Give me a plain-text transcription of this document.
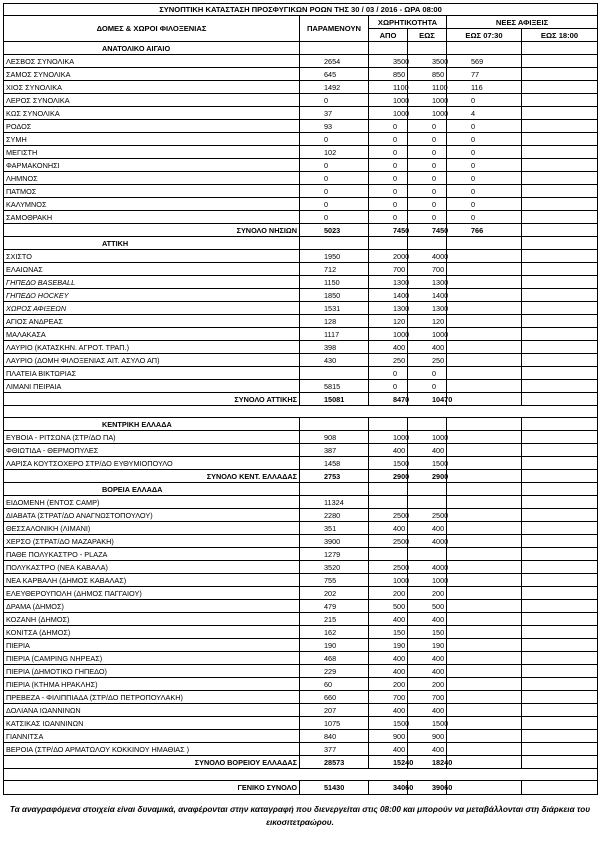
ΣΥΝΟΠΤΙΚΗ ΚΑΤΑΣΤΑΣΗ ΠΡΟΣΦΥΓΙΚΩΝ ΡΟΩΝ ΤΗΣ 30 / 03 / 2016 - ΩΡΑ 08:00					
ΔΟΜΕΣ & ΧΩΡΟΙ ΦΙΛΟΞΕΝΙΑΣ	ΠΑΡΑΜΕΝΟΥΝ	ΧΩΡΗΤΙΚΟΤΗΤΑ		ΝΕΕΣ ΑΦΙΞΕΙΣ	
		ΑΠΟ	ΕΩΣ	ΕΩΣ 07:30	ΕΩΣ 18:00
ΑΝΑΤΟΛΙΚΟ ΑΙΓΑΙΟ					
ΛΕΣΒΟΣ ΣΥΝΟΛΙΚΑ	2654	3500	3500	569	
ΣΑΜΟΣ ΣΥΝΟΛΙΚΑ	645	850	850	77	
ΧΙΟΣ ΣΥΝΟΛΙΚΑ	1492	1100	1100	116	
ΛΕΡΟΣ ΣΥΝΟΛΙΚΑ	0	1000	1000	0	
ΚΩΣ ΣΥΝΟΛΙΚΑ	37	1000	1000	4	
ΡΟΔΟΣ	93	0	0	0	
ΣΥΜΗ	0	0	0	0	
ΜΕΓΙΣΤΗ	102	0	0	0	
ΦΑΡΜΑΚΟΝΗΣΙ	0	0	0	0	
ΛΗΜΝΟΣ	0	0	0	0	
ΠΑΤΜΟΣ	0	0	0	0	
ΚΑΛΥΜΝΟΣ	0	0	0	0	
ΣΑΜΟΘΡΑΚΗ	0	0	0	0	
ΣΥΝΟΛΟ ΝΗΣΙΩΝ	5023	7450	7450	766	
ΑΤΤΙΚΗ					
ΣΧΙΣΤΟ	1950	2000	4000		
ΕΛΑΙΩΝΑΣ	712	700	700		
ΓΗΠΕΔΟ BASEBALL	1150	1300	1300		
ΓΗΠΕΔΟ HOCKEY	1850	1400	1400		
ΧΩΡΟΣ ΑΦΙΞΕΩΝ	1531	1300	1300		
ΑΓΙΟΣ ΑΝΔΡΕΑΣ	128	120	120		
ΜΑΛΑΚΑΣΑ	1117	1000	1000		
ΛΑΥΡΙΟ (ΚΑΤΑΣΚΗΝ. ΑΓΡΟΤ. ΤΡΑΠ.)	398	400	400		
ΛΑΥΡΙΟ (ΔΟΜΗ ΦΙΛΟΞΕΝΙΑΣ ΑΙΤ. ΑΣΥΛΟ ΑΠ)	430	250	250		
ΠΛΑΤΕΙΑ ΒΙΚΤΩΡΙΑΣ		0	0		
ΛΙΜΑΝΙ ΠΕΙΡΑΙΑ	5815	0	0		
ΣΥΝΟΛΟ ΑΤΤΙΚΗΣ	15081	8470	10470		

ΚΕΝΤΡΙΚΗ ΕΛΛΑΔΑ					
ΕΥΒΟΙΑ - ΡΙΤΣΩΝΑ (ΣΤΡ/ΔΟ ΠΑ)	908	1000	1000		
ΦΘΙΩΤΙΔΑ - ΘΕΡΜΟΠΥΛΕΣ	387	400	400		
ΛΑΡΙΣΑ ΚΟΥΤΣΟΧΕΡΟ ΣΤΡ/ΔΟ ΕΥΘΥΜΙΟΠΟΥΛΟ	1458	1500	1500		
ΣΥΝΟΛΟ ΚΕΝΤ. ΕΛΛΑΔΑΣ	2753	2900	2900		
ΒΟΡΕΙΑ ΕΛΛΑΔΑ					
ΕΙΔΟΜΕΝΗ (ΕΝΤΟΣ CAMP)	11324				
ΔΙΑΒΑΤΑ (ΣΤΡΑΤ/ΔΟ ΑΝΑΓΝΩΣΤΟΠΟΥΛΟΥ)	2280	2500	2500		
ΘΕΣΣΑΛΟΝΙΚΗ (ΛΙΜΑΝΙ)	351	400	400		
ΧΕΡΣΟ (ΣΤΡΑΤ/ΔΟ ΜΑΖΑΡΑΚΗ)	3900	2500	4000		
ΠΑΘΕ ΠΟΛΥΚΑΣΤΡΟ - PLAZA	1279				
ΠΟΛΥΚΑΣΤΡΟ (ΝΕΑ ΚΑΒΑΛΑ)	3520	2500	4000		
ΝΕΑ ΚΑΡΒΑΛΗ (ΔΗΜΟΣ ΚΑΒΑΛΑΣ)	755	1000	1000		
ΕΛΕΥΘΕΡΟΥΠΟΛΗ (ΔΗΜΟΣ ΠΑΓΓΑΙΟΥ)	202	200	200		
ΔΡΑΜΑ (ΔΗΜΟΣ)	479	500	500		
ΚΟΖΑΝΗ (ΔΗΜΟΣ)	215	400	400		
ΚΟΝΙΤΣΑ (ΔΗΜΟΣ)	162	150	150		
ΠΙΕΡΙΑ	190	190	190		
ΠΙΕΡΙΑ (CAMPING ΝΗΡΕΑΣ)	468	400	400		
ΠΙΕΡΙΑ (ΔΗΜΟΤΙΚΟ ΓΗΠΕΔΟ)	229	400	400		
ΠΙΕΡΙΑ (ΚΤΗΜΑ ΗΡΑΚΛΗΣ)	60	200	200		
ΠΡΕΒΕΖΑ - ΦΙΛΙΠΠΙΑΔΑ (ΣΤΡ/ΔΟ ΠΕΤΡΟΠΟΥΛΑΚΗ)	660	700	700		
ΔΟΛΙΑΝΑ ΙΩΑΝΝΙΝΩΝ	207	400	400		
ΚΑΤΣΙΚΑΣ ΙΩΑΝΝΙΝΩΝ	1075	1500	1500		
ΓΙΑΝΝΙΤΣΑ	840	900	900		
ΒΕΡΟΙΑ (ΣΤΡ/ΔΟ ΑΡΜΑΤΩΛΟΥ ΚΟΚΚΙΝΟΥ ΗΜΑΘΙΑΣ )	377	400	400		
ΣΥΝΟΛΟ ΒΟΡΕΙΟΥ ΕΛΛΑΔΑΣ	28573	15240	18240		

ΓΕΝΙΚΟ ΣΥΝΟΛΟ	51430	34060	39060		
Τα αναγραφόμενα στοιχεία είναι δυναμικά, αναφέρονται στην καταγραφή που διενεργείται στις 08:00 και μπορούν να μεταβάλλονται στη διάρκεια του εικοσιτετραώρου.
